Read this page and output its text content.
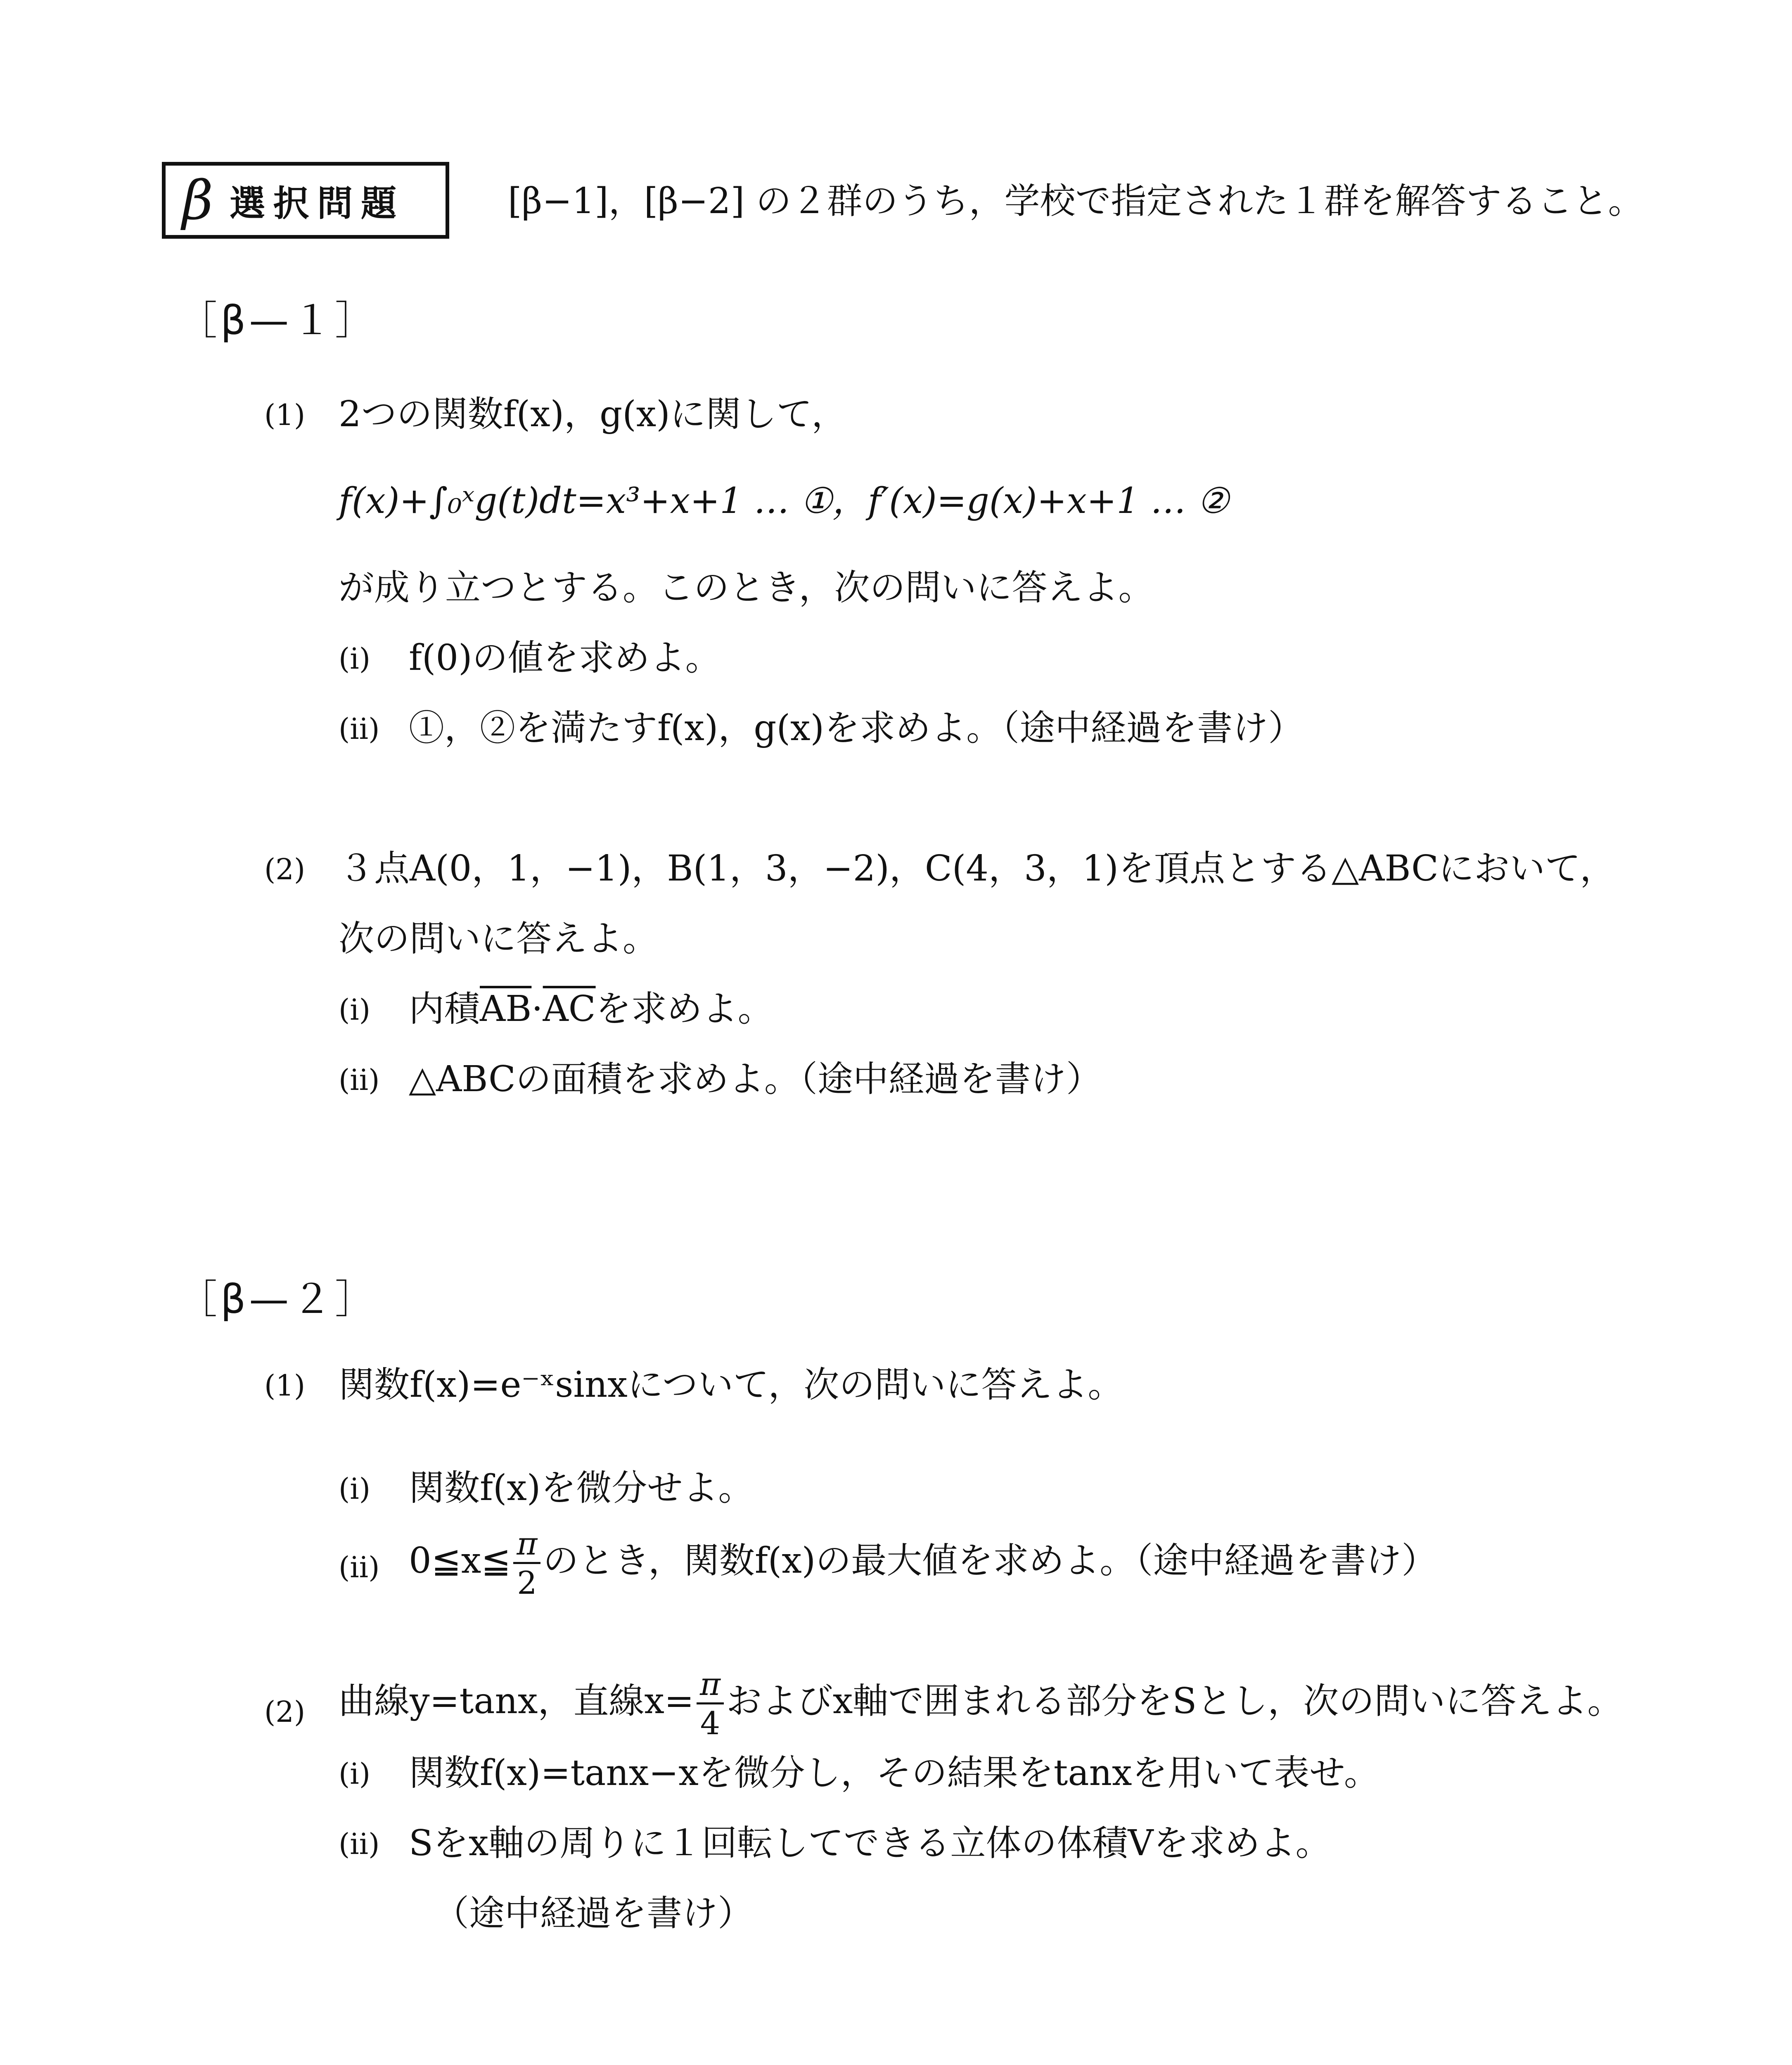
β 選択問題	[β−1]，[β−2] の２群のうち，学校で指定された１群を解答すること。
［β—１］
(1) 2つの関数f(x)，g(x)に関して，
f(x)+∫₀ˣg(t)dt=x³+x+1 … ①，f′(x)=g(x)+x+1 … ②
が成り立つとする。このとき，次の問いに答えよ。
(ⅰ) f(0)の値を求めよ。
(ⅱ) ①，②を満たすf(x)，g(x)を求めよ。（途中経過を書け）
(2) ３点A(0，1，−1)，B(1，3，−2)，C(4，3，1)を頂点とする△ABCにおいて，
次の問いに答えよ。
(ⅰ) 内積$\overline{AB}\cdot\overline{AC}$を求めよ。
(ⅱ) △ABCの面積を求めよ。（途中経過を書け）
［β—２］
(1) 関数f(x)=e⁻ˣsinxについて，次の問いに答えよ。
(ⅰ) 関数f(x)を微分せよ。
(ⅱ) 0≦x≦ $\frac{\pi}{2}$ のとき，関数f(x)の最大値を求めよ。（途中経過を書け）
(2) 曲線y=tanx，直線$x= \frac{\pi}{4}$ およびx軸で囲まれる部分をSとし，次の問いに答えよ。
(ⅰ) 関数f(x)=tanx−xを微分し，その結果をtanxを用いて表せ。
(ⅱ) Sをx軸の周りに１回転してできる立体の体積Vを求めよ。
（途中経過を書け）
